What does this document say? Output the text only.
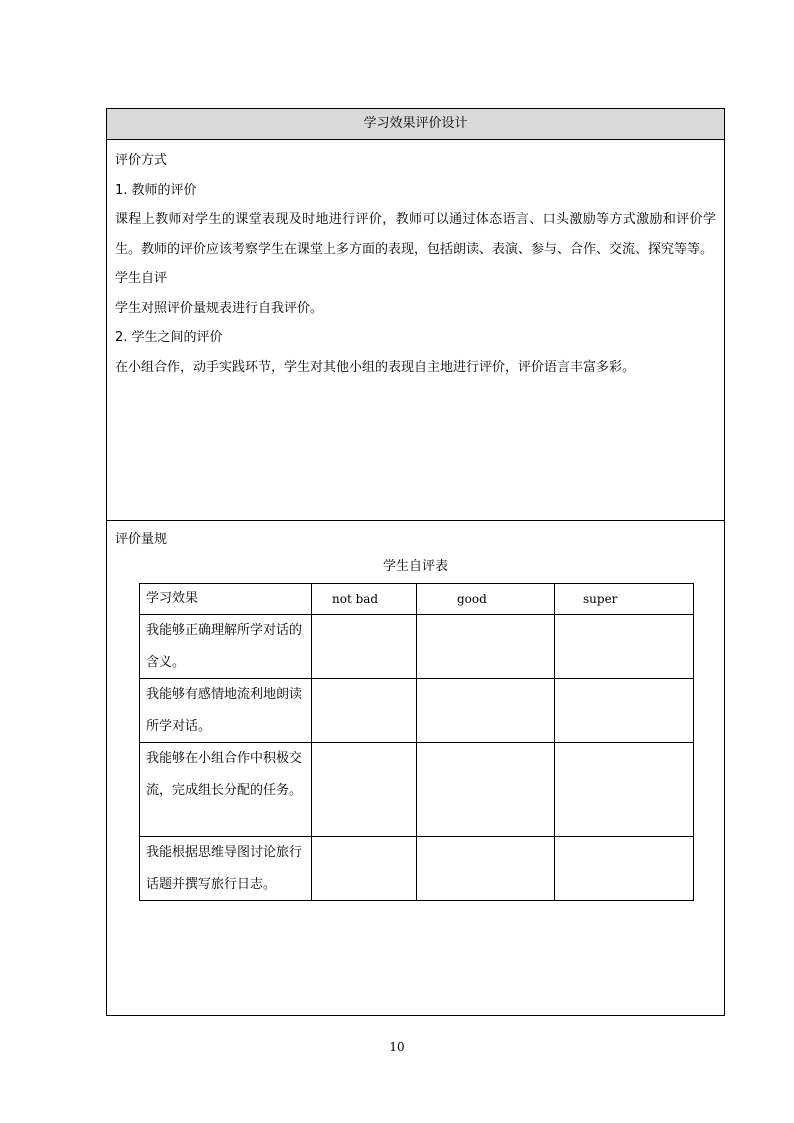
学习效果评价设计

评价方式

1. 教师的评价

课程上教师对学生的课堂表现及时地进行评价，教师可以通过体态语言、口头激励等方式激励和评价学生。教师的评价应该考察学生在课堂上多方面的表现，包括朗读、表演、参与、合作、交流、探究等等。

学生自评

学生对照评价量规表进行自我评价。

2. 学生之间的评价

在小组合作，动手实践环节，学生对其他小组的表现自主地进行评价，评价语言丰富多彩。

评价量规

学生自评表
学习效果	not bad	good	super
我能够正确理解所学对话的含义。			
我能够有感情地流利地朗读所学对话。			
我能够在小组合作中积极交流，完成组长分配的任务。			
我能根据思维导图讨论旅行话题并撰写旅行日志。			
10
